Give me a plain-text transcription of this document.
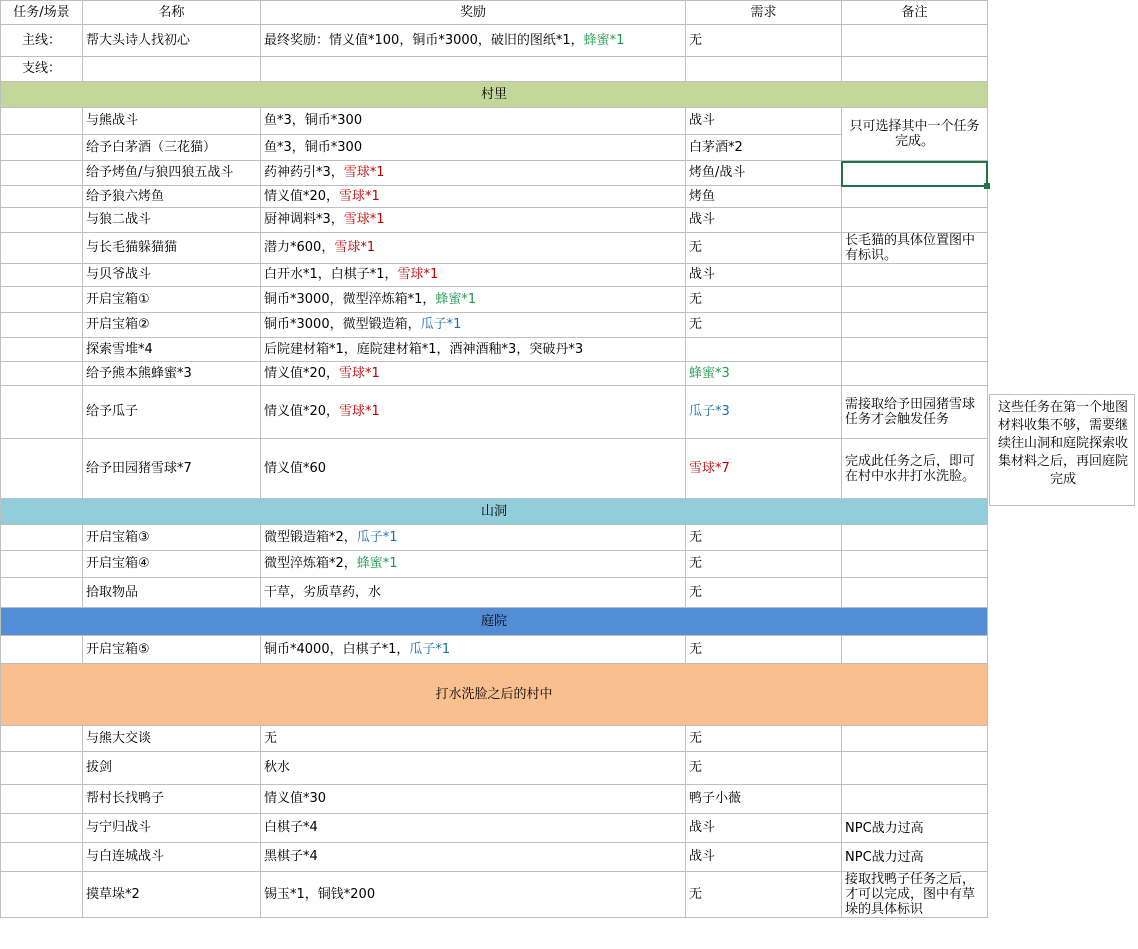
任务/场景	名称	奖励	需求	备注
主线：	帮大头诗人找初心	最终奖励：情义值*100，铜币*3000，破旧的图纸*1，蜂蜜*1	无	
支线：				
村里				
	与熊战斗	鱼*3，铜币*300	战斗	只可选择其中一个任务完成。
	给予白茅酒（三花猫）	鱼*3，铜币*300	白茅酒*2	
	给予烤鱼/与狼四狼五战斗	药神药引*3，雪球*1	烤鱼/战斗	
	给予狼六烤鱼	情义值*20，雪球*1	烤鱼	
	与狼二战斗	厨神调料*3，雪球*1	战斗	
	与长毛猫躲猫猫	潜力*600，雪球*1	无	长毛猫的具体位置图中有标识。
	与贝爷战斗	白开水*1，白棋子*1，雪球*1	战斗	
	开启宝箱①	铜币*3000，微型淬炼箱*1，蜂蜜*1	无	
	开启宝箱②	铜币*3000，微型锻造箱，瓜子*1	无	
	探索雪堆*4	后院建材箱*1，庭院建材箱*1，酒神酒釉*3，突破丹*3		
	给予熊本熊蜂蜜*3	情义值*20，雪球*1	蜂蜜*3	
	给予瓜子	情义值*20，雪球*1	瓜子*3	需接取给予田园猪雪球任务才会触发任务
	给予田园猪雪球*7	情义值*60	雪球*7	完成此任务之后，即可在村中水井打水洗脸。
山洞				
	开启宝箱③	微型锻造箱*2，瓜子*1	无	
	开启宝箱④	微型淬炼箱*2，蜂蜜*1	无	
	拾取物品	干草，劣质草药，水	无	
庭院				
	开启宝箱⑤	铜币*4000，白棋子*1，瓜子*1	无	
打水洗脸之后的村中				
	与熊大交谈	无	无	
	拔剑	秋水	无	
	帮村长找鸭子	情义值*30	鸭子小薇	
	与宁归战斗	白棋子*4	战斗	NPC战力过高
	与白连城战斗	黑棋子*4	战斗	NPC战力过高
	摸草垛*2	锡玉*1，铜钱*200	无	接取找鸭子任务之后，才可以完成，图中有草垛的具体标识
这些任务在第一个地图材料收集不够，需要继续往山洞和庭院探索收集材料之后，再回庭院完成
